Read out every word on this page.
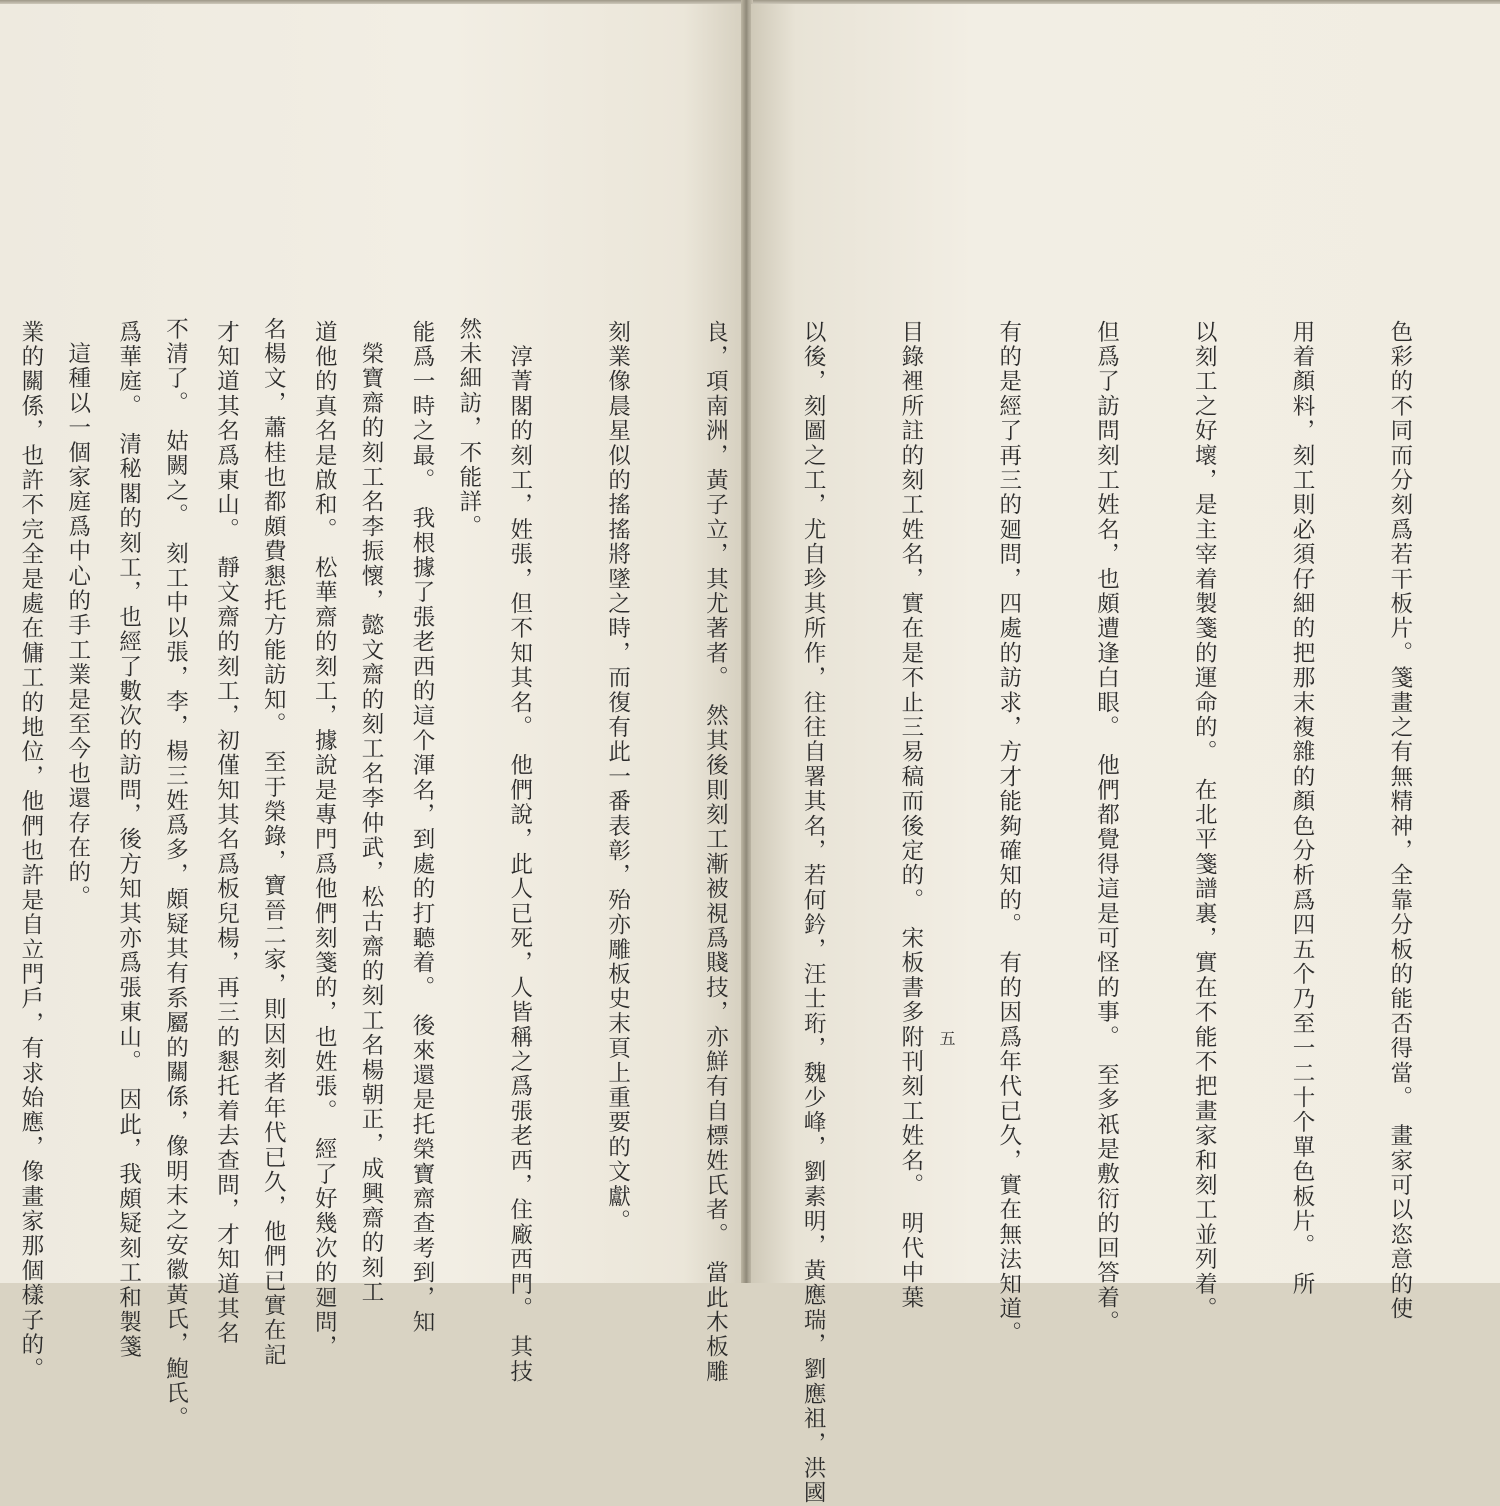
然未細訪，不能詳。

　榮寶齋的刻工名李振懷，懿文齋的刻工名李仲武，松古齋的刻工名楊朝正，成興齋的刻工

名楊文，蕭桂也都頗費懇托方能訪知。　至于榮錄，寶晉二家，則因刻者年代已久，他們已實在記

不清了。　姑闕之。　刻工中以張，李，楊三姓爲多，頗疑其有系屬的關係，像明末之安徽黃氏，鮑氏。

　這種以一個家庭爲中心的手工業是至今也還存在的。

	色彩的不同而分刻爲若干板片。箋畫之有無精神，全靠分板的能否得當。　畫家可以恣意的使

用着顏料，刻工則必須仔細的把那末複雜的顏色分析爲四五个乃至一二十个單色板片。　所

以刻工之好壞，是主宰着製箋的運命的。　在北平箋譜裏，實在不能不把畫家和刻工並列着。

但爲了訪問刻工姓名，也頗遭逢白眼。　他們都覺得這是可怪的事。　至多祇是敷衍的回答着。

有的是經了再三的廻問，四處的訪求，方才能夠確知的。　有的因爲年代已久，實在無法知道。

目錄裡所註的刻工姓名，實在是不止三易稿而後定的。　宋板書多附刊刻工姓名。　明代中葉

以後，刻圖之工，尤自珍其所作，往往自署其名，若何鈐，汪士珩，魏少峰，劉素明，黃應瑞，劉應祖，洪國

良，項南洲，黃子立，其尤著者。　然其後則刻工漸被視爲賤技，亦鮮有自標姓氏者。　當此木板雕

刻業像晨星似的搖搖將墜之時，而復有此一番表彰，殆亦雕板史末頁上重要的文獻。

　淳菁閣的刻工，姓張，但不知其名。　他們說，此人已死，人皆稱之爲張老西，住廠西門。　其技

能爲一時之最。　我根據了張老西的這个渾名，到處的打聽着。　後來還是托榮寶齋查考到，知

道他的真名是啟和。　松華齋的刻工，據說是專門爲他們刻箋的，也姓張。　經了好幾次的廻問，

才知道其名爲東山。　靜文齋的刻工，初僅知其名爲板兒楊，再三的懇托着去查問，才知道其名

爲華庭。　清秘閣的刻工，也經了數次的訪問，後方知其亦爲張東山。　因此，我頗疑刻工和製箋

業的關係，也許不完全是處在傭工的地位，他們也許是自立門戶，有求始應，像畫家那個樣子的。

	五
